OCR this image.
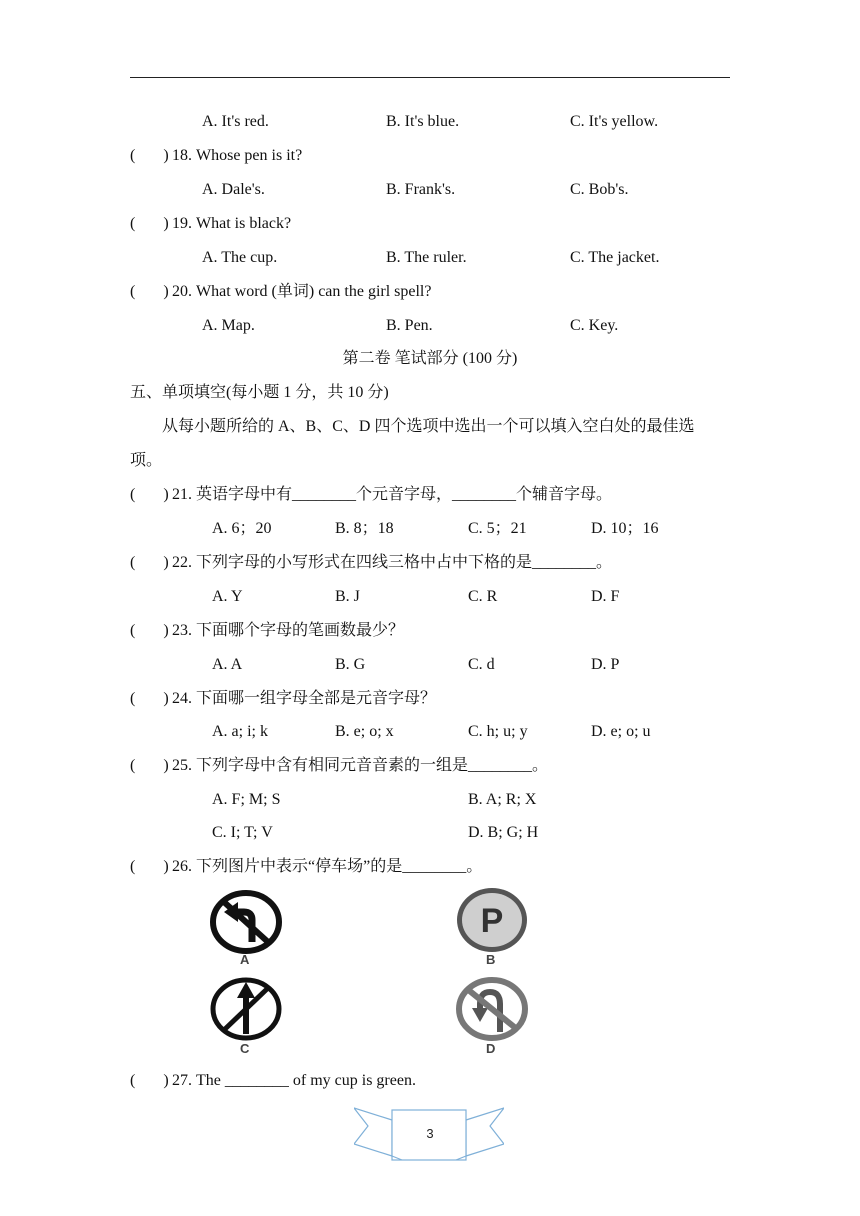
A. It's red.	B. It's blue.	C. It's yellow.
( ) 18. Whose pen is it?
A. Dale's.	B. Frank's.	C. Bob's.
( ) 19. What is black?
A. The cup.	B. The ruler.	C. The jacket.
( ) 20. What word (单词) can the girl spell?
A. Map.	B. Pen.	C. Key.
第二卷 笔试部分 (100 分)
五、单项填空(每小题 1 分，共 10 分)
从每小题所给的 A、B、C、D 四个选项中选出一个可以填入空白处的最佳选
项。
( ) 21. 英语字母中有________个元音字母，________个辅音字母。
A. 6；20	B. 8；18	C. 5；21	D. 10；16
( ) 22. 下列字母的小写形式在四线三格中占中下格的是________。
A. Y	B. J	C. R	D. F
( ) 23. 下面哪个字母的笔画数最少？
A. A	B. G	C. d	D. P
( ) 24. 下面哪一组字母全部是元音字母？
A. a; i; k	B. e; o; x	C. h; u; y	D. e; o; u
( ) 25. 下列字母中含有相同元音音素的一组是________。
A. F; M; S	B. A; R; X
C. I; T; V	D. B; G; H
( ) 26. 下列图片中表示“停车场”的是________。
A
P
B
C	D
( ) 27. The ________ of my cup is green.
3
